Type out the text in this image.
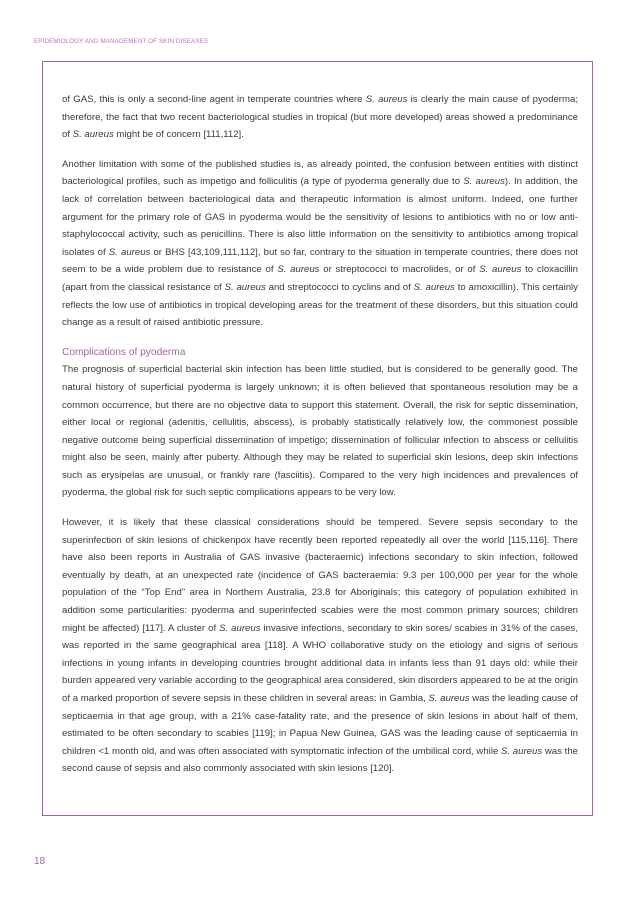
EPIDEMIOLOGY AND MANAGEMENT OF SKIN DISEASES

of GAS, this is only a second-line agent in temperate countries where S. aureus is clearly the main cause of pyoderma; therefore, the fact that two recent bacteriological studies in tropical (but more developed) areas showed a predominance of S. aureus might be of concern [111,112].

Another limitation with some of the published studies is, as already pointed, the confusion between entities with distinct bacteriological profiles, such as impetigo and folliculitis (a type of pyoderma generally due to S. aureus). In addition, the lack of correlation between bacteriological data and therapeutic information is almost uniform. Indeed, one further argument for the primary role of GAS in pyoderma would be the sensitivity of lesions to antibiotics with no or low anti-staphylococcal activity, such as penicillins. There is also little information on the sensitivity to antibiotics among tropical isolates of S. aureus or BHS [43,109,111,112], but so far, contrary to the situation in temperate countries, there does not seem to be a wide problem due to resistance of S. aureus or streptococci to macrolides, or of S. aureus to cloxacillin (apart from the classical resistance of S. aureus and streptococci to cyclins and of S. aureus to amoxicillin). This certainly reflects the low use of antibiotics in tropical developing areas for the treatment of these disorders, but this situation could change as a result of raised antibiotic pressure.

Complications of pyoderma

The prognosis of superficial bacterial skin infection has been little studied, but is considered to be generally good. The natural history of superficial pyoderma is largely unknown; it is often believed that spontaneous resolution may be a common occurrence, but there are no objective data to support this statement. Overall, the risk for septic dissemination, either local or regional (adenitis, cellulitis, abscess), is probably statistically relatively low, the commonest possible negative outcome being superficial dissemination of impetigo; dissemination of follicular infection to abscess or cellulitis might also be seen, mainly after puberty. Although they may be related to superficial skin lesions, deep skin infections such as erysipelas are unusual, or frankly rare (fasciitis). Compared to the very high incidences and prevalences of pyoderma, the global risk for such septic complications appears to be very low.

However, it is likely that these classical considerations should be tempered. Severe sepsis secondary to the superinfection of skin lesions of chickenpox have recently been reported repeatedly all over the world [115,116]. There have also been reports in Australia of GAS invasive (bacteraemic) infections secondary to skin infection, followed eventually by death, at an unexpected rate (incidence of GAS bacteraemia: 9.3 per 100,000 per year for the whole population of the “Top End” area in Northern Australia, 23.8 for Aboriginals; this category of population exhibited in addition some particularities: pyoderma and superinfected scabies were the most common primary sources; children might be affected) [117]. A cluster of S. aureus invasive infections, secondary to skin sores/ scabies in 31% of the cases, was reported in the same geographical area [118]. A WHO collaborative study on the etiology and signs of serious infections in young infants in developing countries brought additional data in infants less than 91 days old: while their burden appeared very variable according to the geographical area considered, skin disorders appeared to be at the origin of a marked proportion of severe sepsis in these children in several areas: in Gambia, S. aureus was the leading cause of septicaemia in that age group, with a 21% case-fatality rate, and the presence of skin lesions in about half of them, estimated to be often secondary to scabies [119]; in Papua New Guinea, GAS was the leading cause of septicaemia in children <1 month old, and was often associated with symptomatic infection of the umbilical cord, while S. aureus was the second cause of sepsis and also commonly associated with skin lesions [120].

18
